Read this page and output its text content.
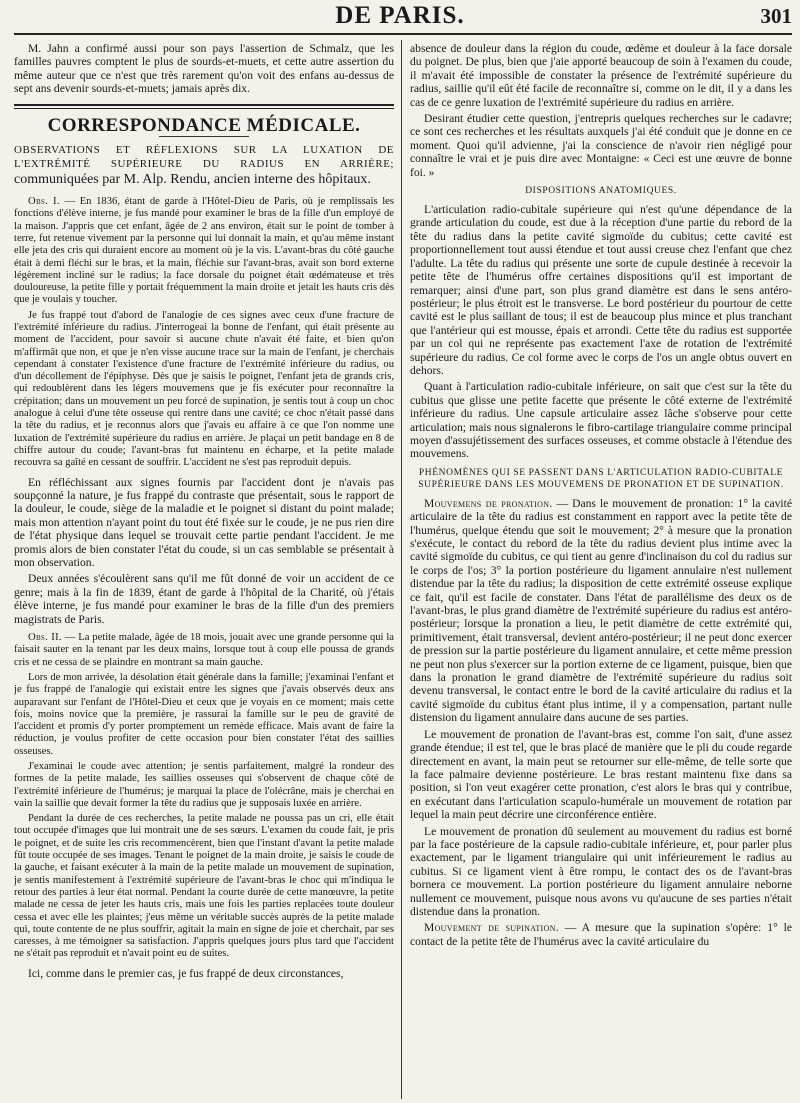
DE PARIS.	301

M. Jahn a confirmé aussi pour son pays l'assertion de Schmalz, que les familles pauvres comptent le plus de sourds-et-muets, et cette autre assertion du même auteur que ce n'est que très rarement qu'on voit des enfans au-dessus de sept ans devenir sourds-et-muets; jamais après dix.

CORRESPONDANCE MÉDICALE.
OBSERVATIONS ET RÉFLEXIONS SUR LA LUXATION DE L'EXTRÉMITÉ SUPÉRIEURE DU RADIUS EN ARRIÈRE; communiquées par M. Alp. Rendu, ancien interne des hôpitaux.

Obs. I. — En 1836, étant de garde à l'Hôtel-Dieu de Paris, où je remplissais les fonctions d'élève interne, je fus mandé pour examiner le bras de la fille d'un employé de la maison. J'appris que cet enfant, âgée de 2 ans environ, était sur le point de tomber à terre, fut retenue vivement par la personne qui lui donnait la main, et qu'au même instant elle jeta des cris qui duraient encore au moment où je la vis. L'avant-bras du côté gauche était à demi fléchi sur le bras, et la main, fléchie sur l'avant-bras, avait son bord externe légèrement incliné sur le radius; la face dorsale du poignet était œdémateuse et très douloureuse, la petite fille y portait fréquemment la main droite et jetait les hauts cris dès que je voulais y toucher.

Je fus frappé tout d'abord de l'analogie de ces signes avec ceux d'une fracture de l'extrémité inférieure du radius. J'interrogeai la bonne de l'enfant, qui était présente au moment de l'accident, pour savoir si aucune chute n'avait été faite, et bien qu'on m'affirmât que non, et que je n'en visse aucune trace sur la main de l'enfant, je cherchais cependant à constater l'existence d'une fracture de l'extrémité inférieure du radius, ou d'un décollement de l'épiphyse. Dès que je saisis le poignet, l'enfant jeta de grands cris, qui redoublèrent dans les légers mouvemens que je fis exécuter pour reconnaître la crépitation; dans un mouvement un peu forcé de supination, je sentis tout à coup un choc analogue à celui d'une tête osseuse qui rentre dans une cavité; ce choc n'était passé dans la tête du radius, et je reconnus alors que j'avais eu affaire à ce que l'on nomme une luxation de l'extrémité supérieure du radius en arrière. Je plaçai un petit bandage en 8 de chiffre autour du coude; l'avant-bras fut maintenu en écharpe, et la petite malade recouvra sa gaîté en cessant de souffrir. L'accident ne s'est pas reproduit depuis.

En réfléchissant aux signes fournis par l'accident dont je n'avais pas soupçonné la nature, je fus frappé du contraste que présentait, sous le rapport de la douleur, le coude, siège de la maladie et le poignet si distant du point malade; mais mon attention n'ayant point du tout été fixée sur le coude, je ne pus rien dire de l'état physique dans lequel se trouvait cette partie pendant l'accident. Je me promis alors de bien constater l'état du coude, si un cas semblable se présentait à mon observation.

Deux années s'écoulèrent sans qu'il me fût donné de voir un accident de ce genre; mais à la fin de 1839, étant de garde à l'hôpital de la Charité, où j'étais élève interne, je fus mandé pour examiner le bras de la fille d'un des premiers magistrats de Paris.

Obs. II. — La petite malade, âgée de 18 mois, jouait avec une grande personne qui la faisait sauter en la tenant par les deux mains, lorsque tout à coup elle poussa de grands cris et ne cessa de se plaindre en montrant sa main gauche.

Lors de mon arrivée, la désolation était générale dans la famille; j'examinai l'enfant et je fus frappé de l'analogie qui existait entre les signes que j'avais observés deux ans auparavant sur l'enfant de l'Hôtel-Dieu et ceux que je voyais en ce moment; mais cette fois, moins novice que la première, je rassurai la famille sur le peu de gravité de l'accident et promis d'y porter promptement un remède efficace. Mais avant de faire la réduction, je voulus profiter de cette occasion pour bien constater l'état des saillies osseuses.

J'examinai le coude avec attention; je sentis parfaitement, malgré la rondeur des formes de la petite malade, les saillies osseuses qui s'observent de chaque côté de l'extrémité inférieure de l'humérus; je marquai la place de l'olécrâne, mais je cherchai en vain la saillie que devait former la tête du radius que je supposais luxée en arrière.

Pendant la durée de ces recherches, la petite malade ne poussa pas un cri, elle était tout occupée d'images que lui montrait une de ses sœurs. L'examen du coude fait, je pris le poignet, et de suite les cris recommencèrent, bien que l'instant d'avant la petite malade fût toute occupée de ses images. Tenant le poignet de la main droite, je saisis le coude de la gauche, et faisant exécuter à la main de la petite malade un mouvement de supination, je sentis manifestement à l'extrémité supérieure de l'avant-bras le choc qui m'indiqua le retour des parties à leur état normal. Pendant la courte durée de cette manœuvre, la petite malade ne cessa de jeter les hauts cris, mais une fois les parties replacées toute douleur cessa et avec elle les plaintes; j'eus même un véritable succès auprès de la petite malade qui, toute contente de ne plus souffrir, agitait la main en signe de joie et cherchait, par ses caresses, à me témoigner sa satisfaction. J'appris quelques jours plus tard que l'accident ne s'était pas reproduit et n'avait point eu de suites.

Ici, comme dans le premier cas, je fus frappé de deux circonstances,

absence de douleur dans la région du coude, œdème et douleur à la face dorsale du poignet. De plus, bien que j'aie apporté beaucoup de soin à l'examen du coude, il m'avait été impossible de constater la présence de l'extrémité supérieure du radius, saillie qu'il eût été facile de reconnaître si, comme on le dit, il y a dans les cas de ce genre luxation de l'extrémité supérieure du radius en arrière.

Desirant étudier cette question, j'entrepris quelques recherches sur le cadavre; ce sont ces recherches et les résultats auxquels j'ai été conduit que je donne en ce moment. Quoi qu'il advienne, j'ai la conscience de n'avoir rien négligé pour connaître le vrai et je puis dire avec Montaigne: « Ceci est une œuvre de bonne foi. »

DISPOSITIONS ANATOMIQUES.

L'articulation radio-cubitale supérieure qui n'est qu'une dépendance de la grande articulation du coude, est due à la réception d'une partie du rebord de la tête du radius dans la petite cavité sigmoïde du cubitus; cette cavité est proportionnellement tout aussi étendue et tout aussi creuse chez l'enfant que chez l'adulte. La tête du radius qui présente une sorte de cupule destinée à recevoir la petite tête de l'humérus offre certaines dispositions qu'il est important de remarquer; ainsi d'une part, son plus grand diamètre est dans le sens antéro-postérieur; le plus étroit est le transverse. Le bord postérieur du pourtour de cette cavité est le plus saillant de tous; il est de beaucoup plus mince et plus tranchant que l'antérieur qui est mousse, épais et arrondi. Cette tête du radius est supportée par un col qui ne représente pas exactement l'axe de rotation de l'extrémité supérieure du radius. Ce col forme avec le corps de l'os un angle obtus ouvert en dehors.

Quant à l'articulation radio-cubitale inférieure, on sait que c'est sur la tête du cubitus que glisse une petite facette que présente le côté externe de l'extrémité inférieure du radius. Une capsule articulaire assez lâche s'observe pour cette articulation; mais nous signalerons le fibro-cartilage triangulaire comme principal moyen d'assujétissement des surfaces osseuses, et comme obstacle à l'étendue des mouvemens.

PHÉNOMÈNES QUI SE PASSENT DANS L'ARTICULATION RADIO-CUBITALE SUPÉRIEURE DANS LES MOUVEMENS DE PRONATION ET DE SUPINATION.

Mouvemens de pronation. — Dans le mouvement de pronation: 1° la cavité articulaire de la tête du radius est constamment en rapport avec la petite tête de l'humérus, quelque étendu que soit le mouvement; 2° à mesure que la pronation s'exécute, le contact du rebord de la tête du radius devient plus intime avec la cavité sigmoïde du cubitus, ce qui tient au genre d'inclinaison du col du radius sur le corps de l'os; 3° la portion postérieure du ligament annulaire n'est nullement distendue par la tête du radius; la disposition de cette extrémité osseuse explique ce fait, qu'il est facile de constater. Dans l'état de parallélisme des deux os de l'avant-bras, le plus grand diamètre de l'extrémité supérieure du radius est antéro-postérieur; lorsque la pronation a lieu, le petit diamètre de cette extrémité qui, primitivement, était transversal, devient antéro-postérieur; il ne peut donc exercer de pression sur la partie postérieure du ligament annulaire, et cette même pression ne peut non plus s'exercer sur la portion externe de ce ligament, puisque, bien que dans la pronation le grand diamètre de l'extrémité supérieure du radius soit devenu transversal, le contact entre le bord de la cavité articulaire du radius et la cavité sigmoïde du cubitus étant plus intime, il y a compensation, partant nulle distension du ligament annulaire dans aucune de ses parties.

Le mouvement de pronation de l'avant-bras est, comme l'on sait, d'une assez grande étendue; il est tel, que le bras placé de manière que le pli du coude regarde directement en avant, la main peut se retourner sur elle-même, de telle sorte que la face palmaire devienne postérieure. Le bras restant maintenu fixe dans sa position, si l'on veut exagérer cette pronation, c'est alors le bras qui y contribue, en exécutant dans l'articulation scapulo-humérale un mouvement de rotation par lequel la main peut décrire une circonférence entière.

Le mouvement de pronation dû seulement au mouvement du radius est borné par la face postérieure de la capsule radio-cubitale inférieure, et, pour parler plus exactement, par le ligament triangulaire qui unit inférieurement le radius au cubitus. Si ce ligament vient à être rompu, le contact des os de l'avant-bras bornera ce mouvement. La portion postérieure du ligament annulaire neborne nullement ce mouvement, puisque nous avons vu qu'aucune de ses parties n'était distendue dans la pronation.

Mouvement de supination. — A mesure que la supination s'opère: 1° le contact de la petite tête de l'humérus avec la cavité articulaire du
